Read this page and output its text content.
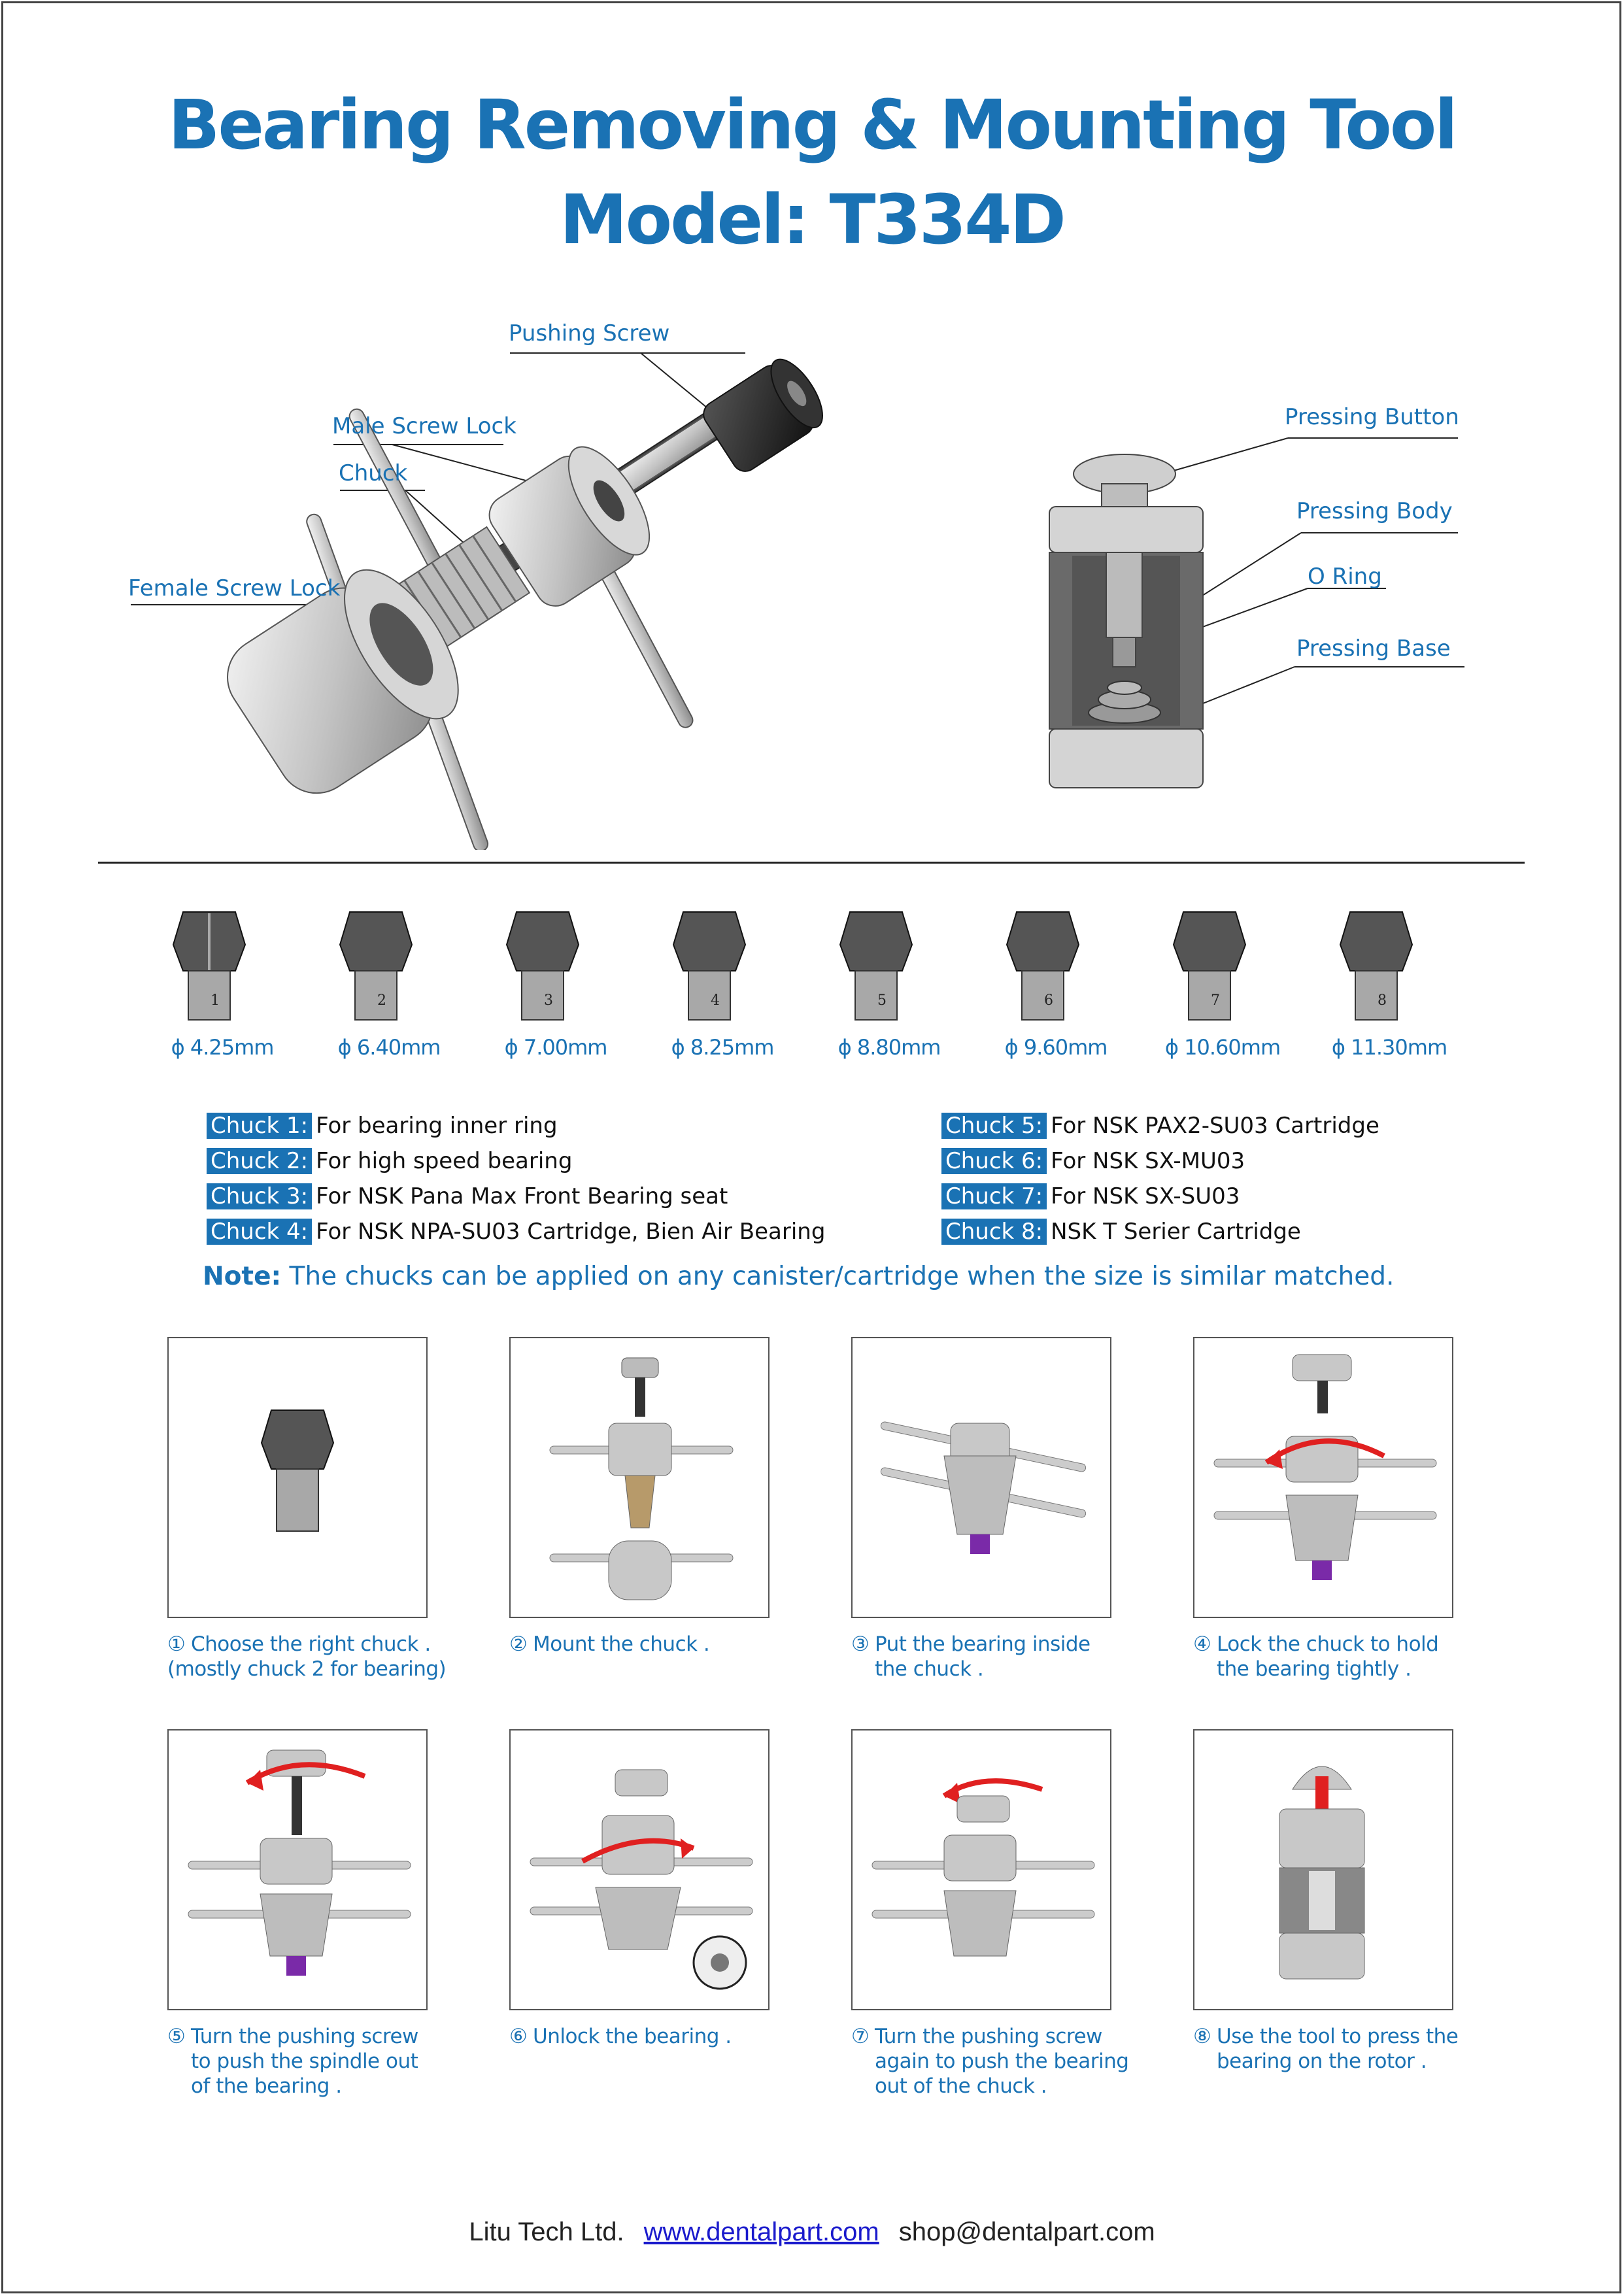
Bearing Removing & Mounting Tool
Model: T334D
Pushing Screw
Male Screw Lock
Chuck
Female Screw Lock
Pressing Button
Pressing Body
O Ring
Pressing Base
1	2	3	4	5	6	7	8
ϕ 4.25mm	ϕ 6.40mm	ϕ 7.00mm	ϕ 8.25mm	ϕ 8.80mm	ϕ 9.60mm	ϕ 10.60mm	ϕ 11.30mm
Chuck 1: For bearing inner ring
Chuck 2: For high speed bearing
Chuck 3: For NSK Pana Max Front Bearing seat
Chuck 4: For NSK NPA-SU03 Cartridge, Bien Air Bearing
Chuck 5: For NSK PAX2-SU03 Cartridge
Chuck 6: For NSK SX-MU03
Chuck 7: For NSK SX-SU03
Chuck 8: NSK T Serier Cartridge
Note: The chucks can be applied on any canister/cartridge when the size is similar matched.
① Choose the right chuck .
(mostly chuck 2 for bearing)
② Mount the chuck .	③ Put the bearing inside
the chuck .
④ Lock the chuck to hold
the bearing tightly .
⑤ Turn the pushing screw
to push the spindle out
of the bearing .
⑥ Unlock the bearing .	⑦ Turn the pushing screw
again to push the bearing
out of the chuck .
⑧ Use the tool to press the
bearing on the rotor .
Litu Tech Ltd. www.dentalpart.com shop@dentalpart.com
